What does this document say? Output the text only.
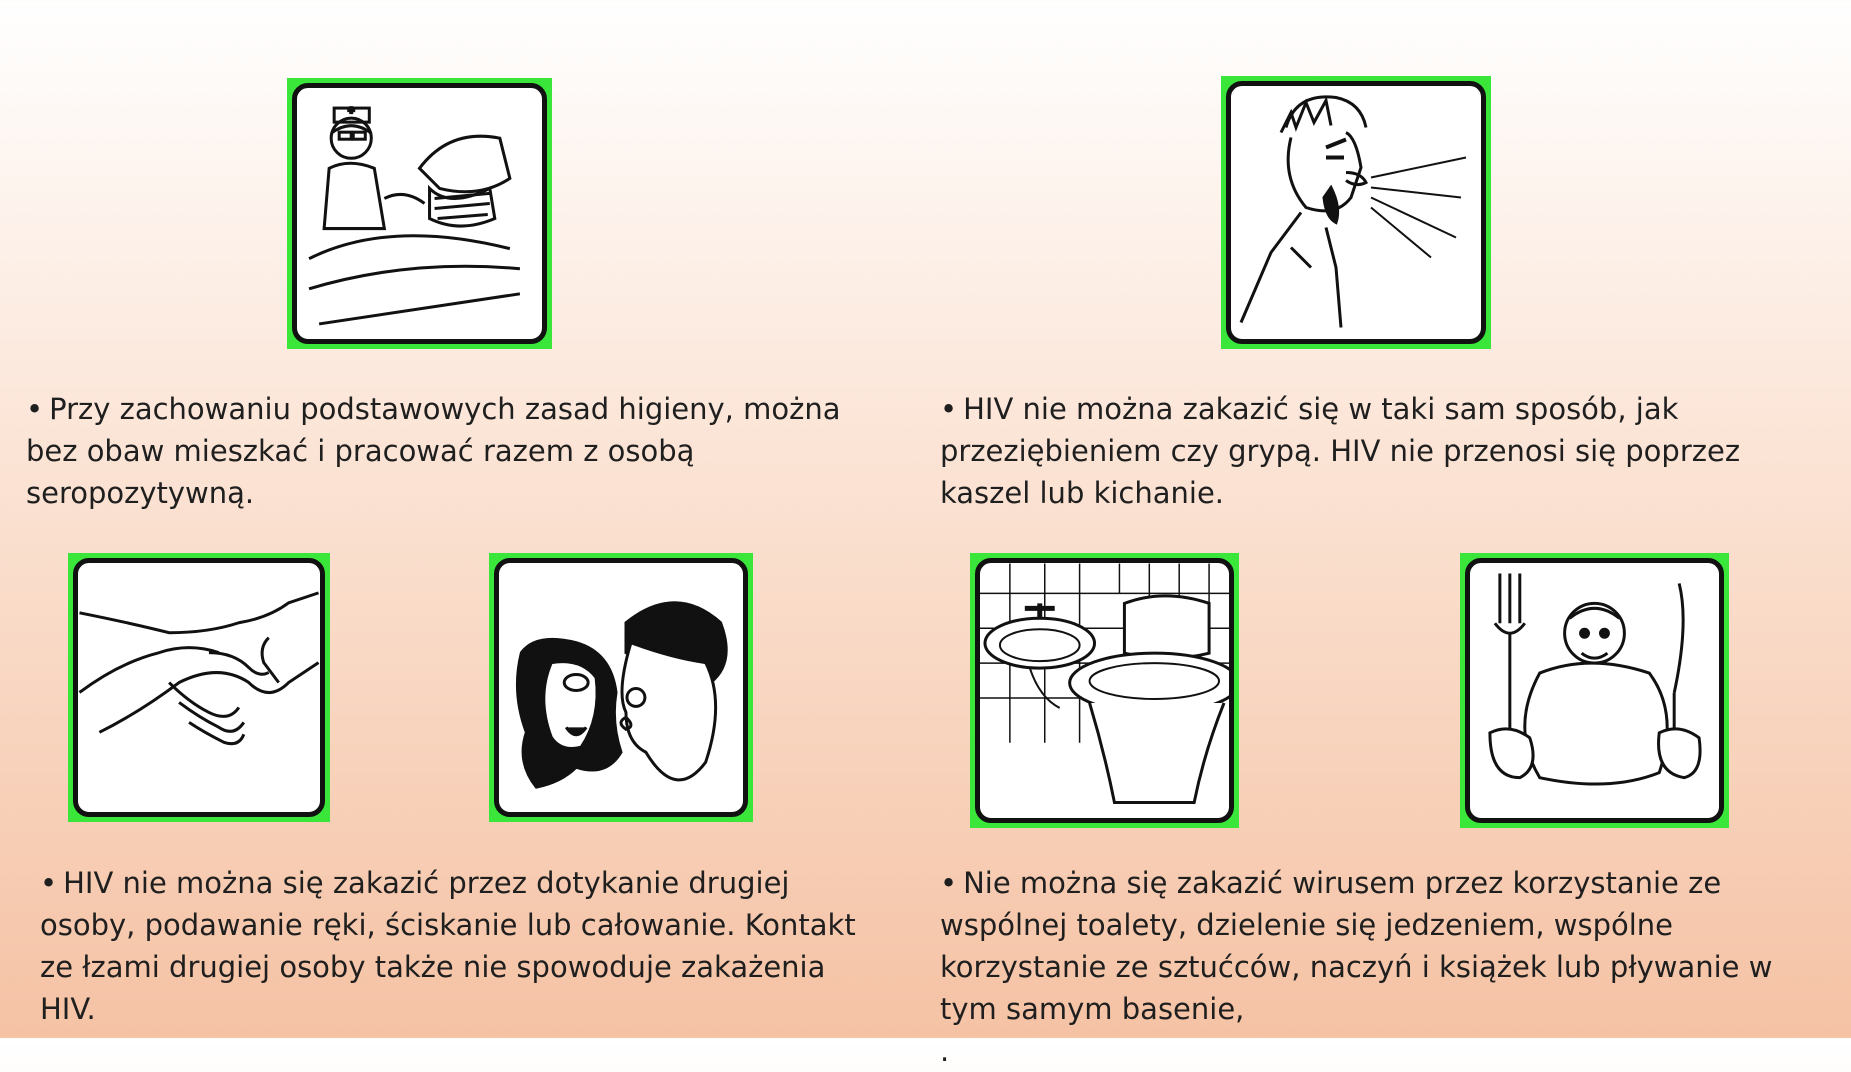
• Przy zachowaniu podstawowych zasad higieny, można bez obaw mieszkać i pracować razem z osobą seropozytywną.

• HIV nie można zakazić się w taki sam sposób, jak przeziębieniem czy grypą. HIV nie przenosi się poprzez kaszel lub kichanie.

• HIV nie można się zakazić przez dotykanie drugiej osoby, podawanie ręki, ściskanie lub całowanie. Kontakt ze łzami drugiej osoby także nie spowoduje zakażenia HIV.

• Nie można się zakazić wirusem przez korzystanie ze wspólnej toalety, dzielenie się jedzeniem, wspólne korzystanie ze sztućców, naczyń i książek lub pływanie w tym samym basenie,
.
